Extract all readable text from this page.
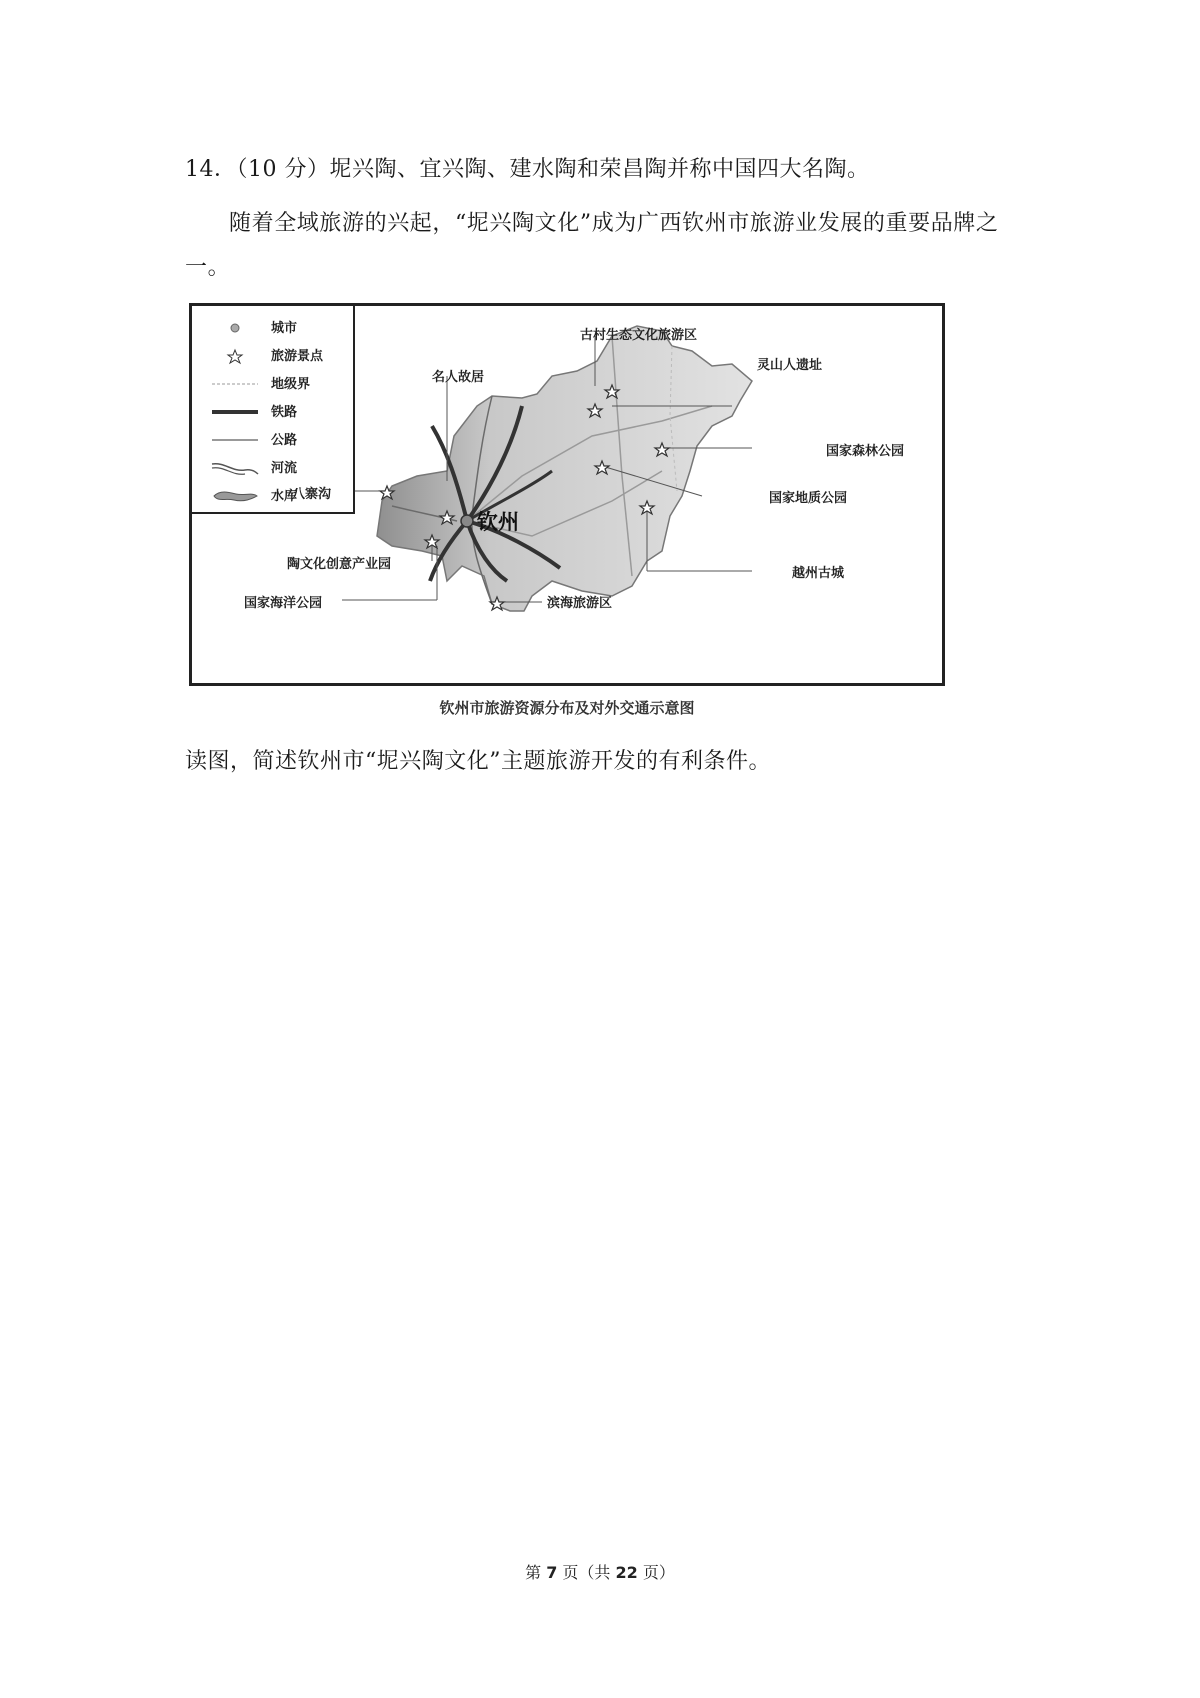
14．（10 分）坭兴陶、宜兴陶、建水陶和荣昌陶并称中国四大名陶。
随着全域旅游的兴起，“坭兴陶文化”成为广西钦州市旅游业发展的重要品牌之一。
城市
旅游景点
地级界
铁路
公路
河流
水库
古村生态文化旅游区
灵山人遗址
名人故居
国家森林公园
国家地质公园
越州古城
八寨沟
陶文化创意产业园
国家海洋公园	滨海旅游区
钦州
钦州市旅游资源分布及对外交通示意图
读图，简述钦州市“坭兴陶文化”主题旅游开发的有利条件。
第 7 页（共 22 页）
